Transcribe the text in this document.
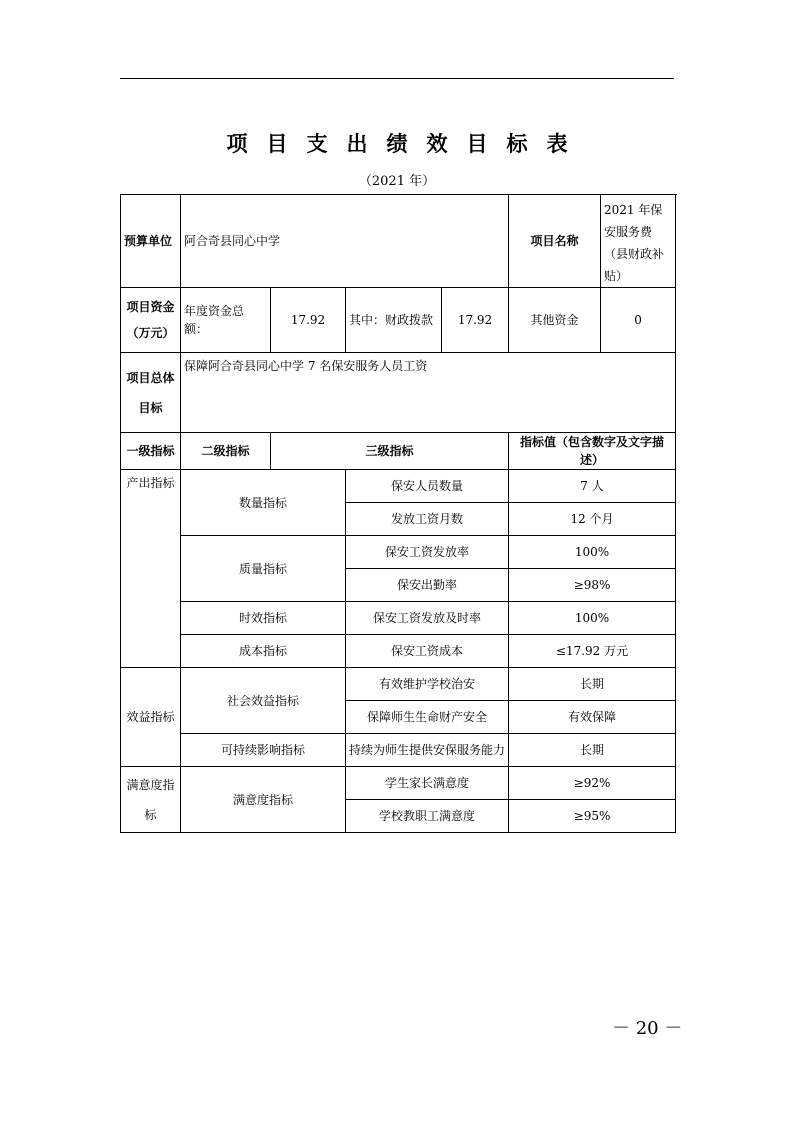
项目支出绩效目标表
（2021 年）
预算单位	阿合奇县同心中学				项目名称	2021 年保安服务费（县财政补贴）

项目资金
（万元）	年度资金总额：	17.92	其中：财政拨款	17.92	其他资金	0

项目总体
目标	保障阿合奇县同心中学 7 名保安服务人员工资					
一级指标	二级指标	三级指标			指标值（包含数字及文字描述）	
产出指标	数量指标		保安人员数量		7 人	
			发放工资月数		12 个月	
	质量指标		保安工资发放率		100%	
			保安出勤率		≥98%	
	时效指标		保安工资发放及时率		100%	
	成本指标		保安工资成本		≤17.92 万元	
效益指标	社会效益指标		有效维护学校治安		长期	
			保障师生生命财产安全		有效保障	
	可持续影响指标		持续为师生提供安保服务能力		长期	

满意度指
标	满意度指标		学生家长满意度		≥92%	
			学校教职工满意度		≥95%	
－ 20 －
